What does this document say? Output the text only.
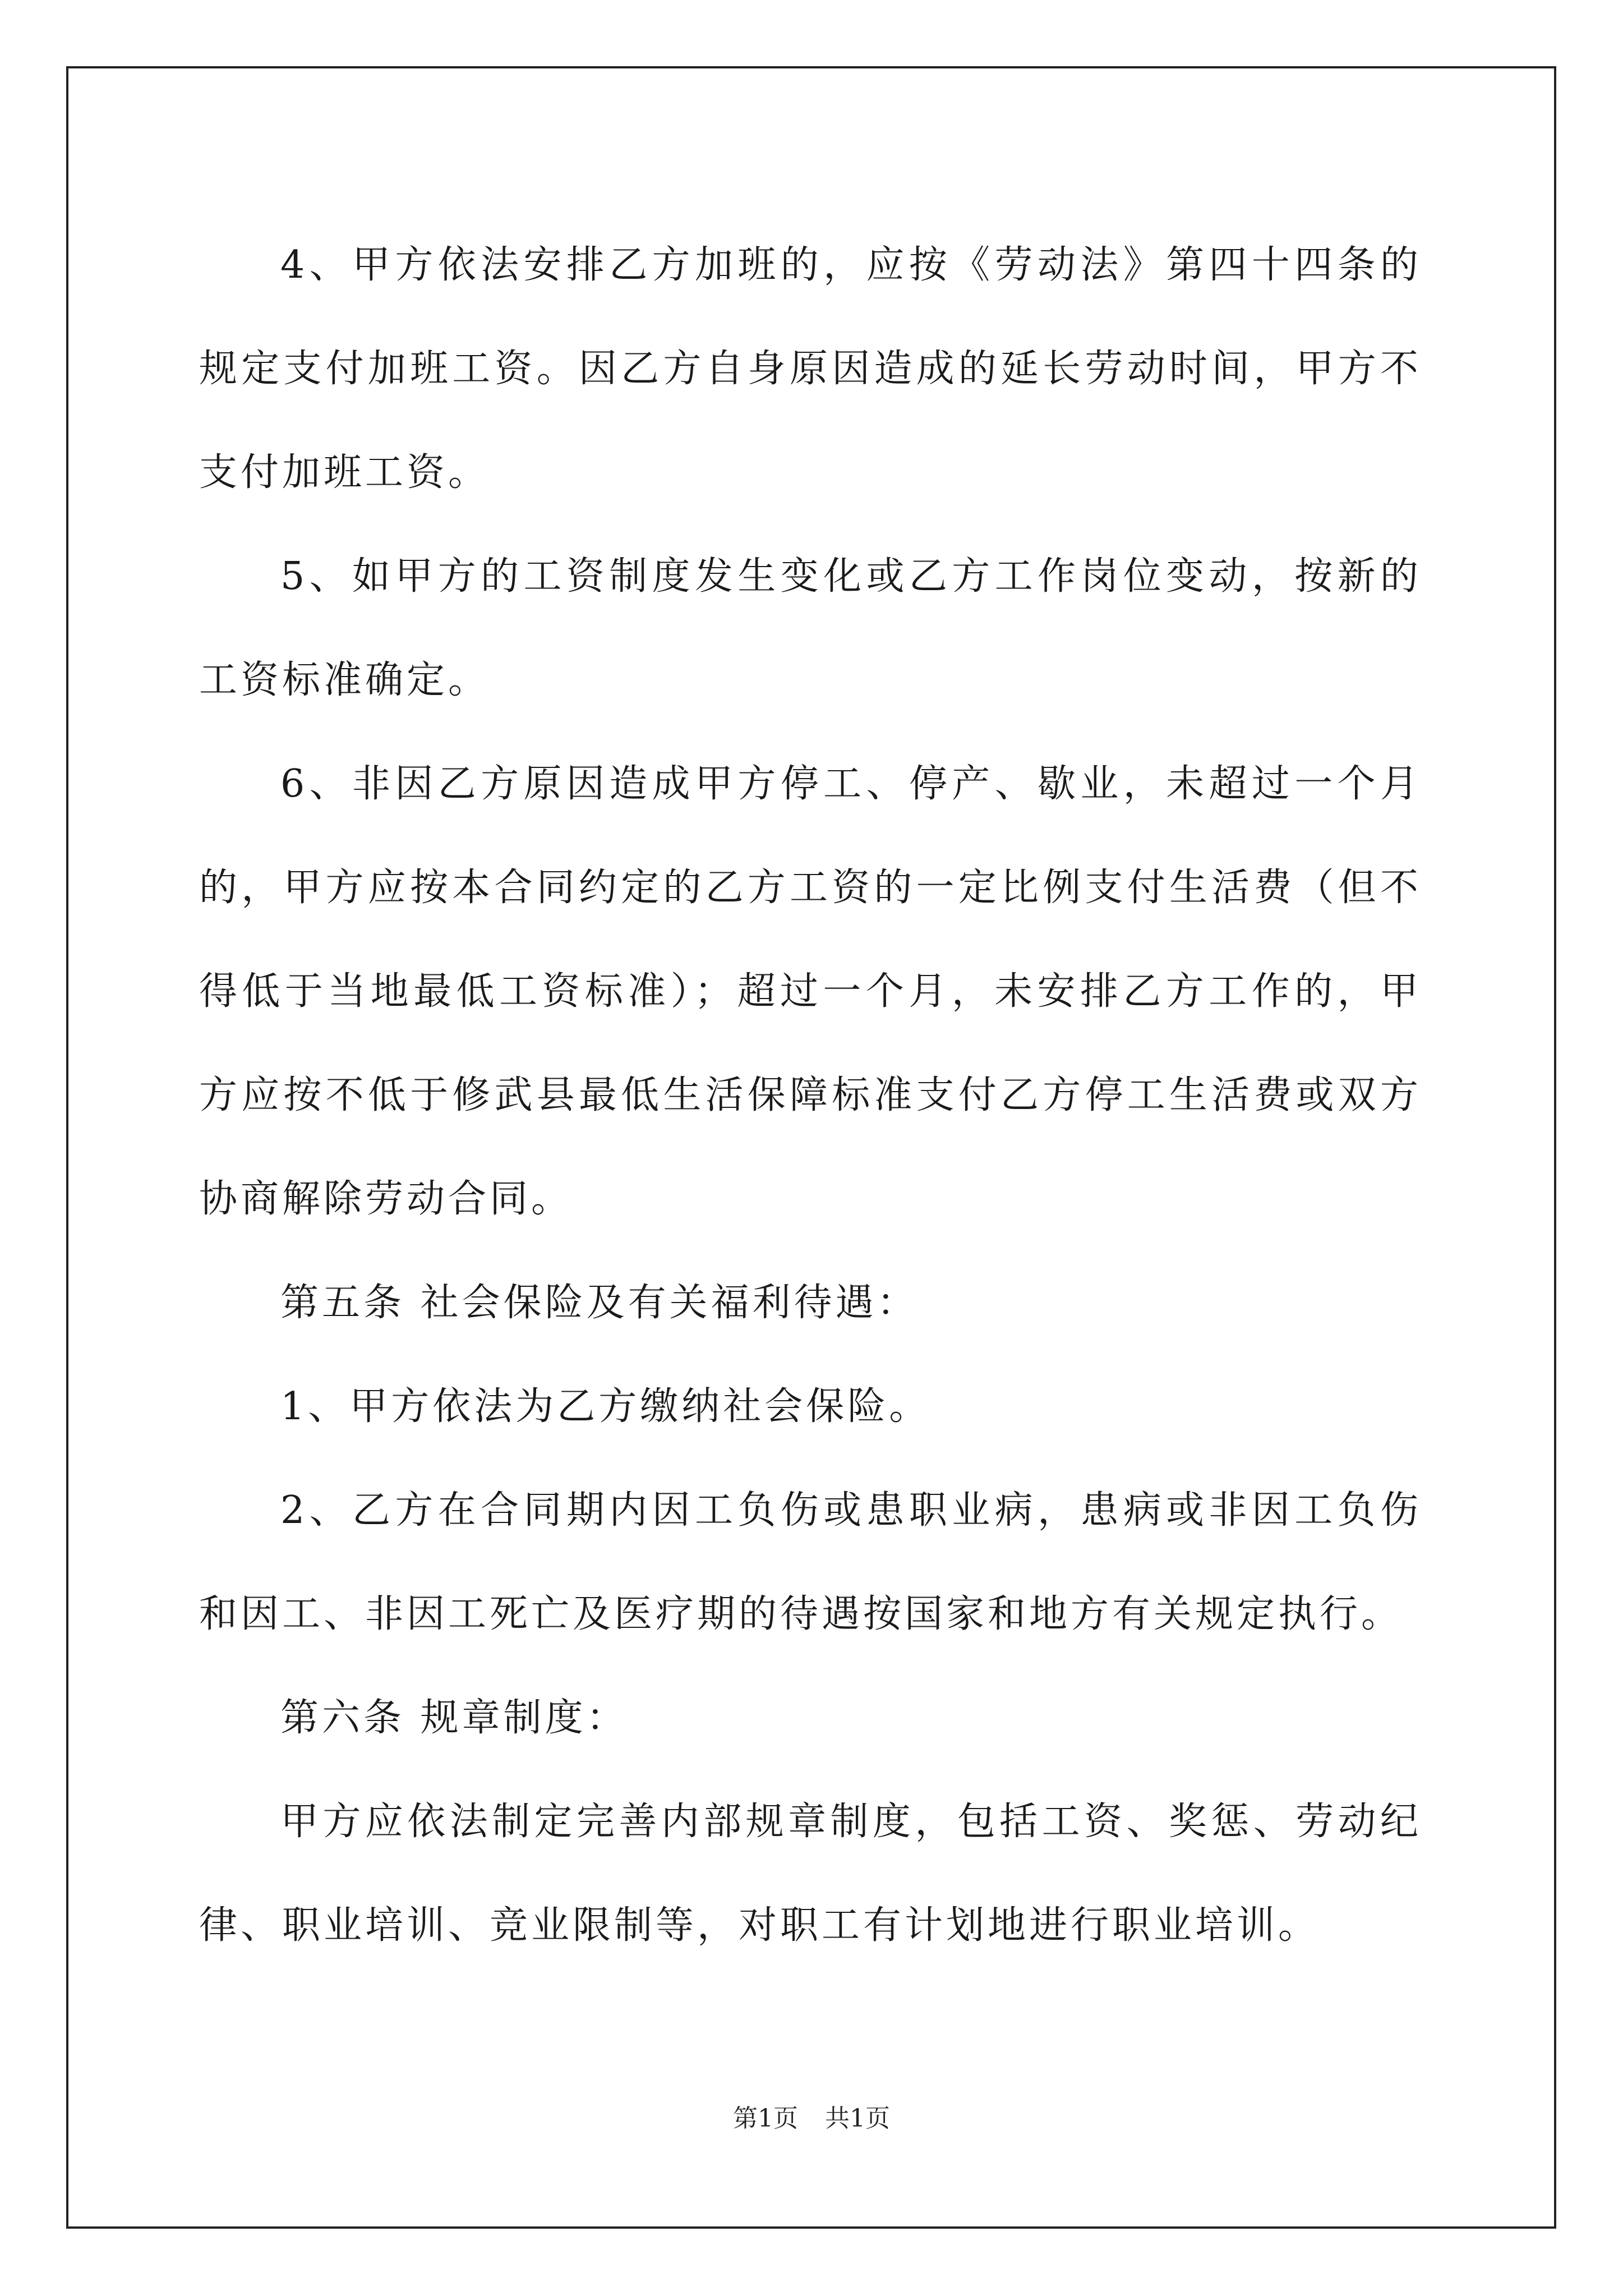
4、甲方依法安排乙方加班的，应按《劳动法》第四十四条的规定支付加班工资。因乙方自身原因造成的延长劳动时间，甲方不支付加班工资。

5、如甲方的工资制度发生变化或乙方工作岗位变动，按新的工资标准确定。

6、非因乙方原因造成甲方停工、停产、歇业，未超过一个月的，甲方应按本合同约定的乙方工资的一定比例支付生活费（但不得低于当地最低工资标准）；超过一个月，未安排乙方工作的，甲方应按不低于修武县最低生活保障标准支付乙方停工生活费或双方协商解除劳动合同。

第五条 社会保险及有关福利待遇：

1、甲方依法为乙方缴纳社会保险。

2、乙方在合同期内因工负伤或患职业病，患病或非因工负伤和因工、非因工死亡及医疗期的待遇按国家和地方有关规定执行。

第六条 规章制度：

甲方应依法制定完善内部规章制度，包括工资、奖惩、劳动纪律、职业培训、竞业限制等，对职工有计划地进行职业培训。

第1页 共1页
